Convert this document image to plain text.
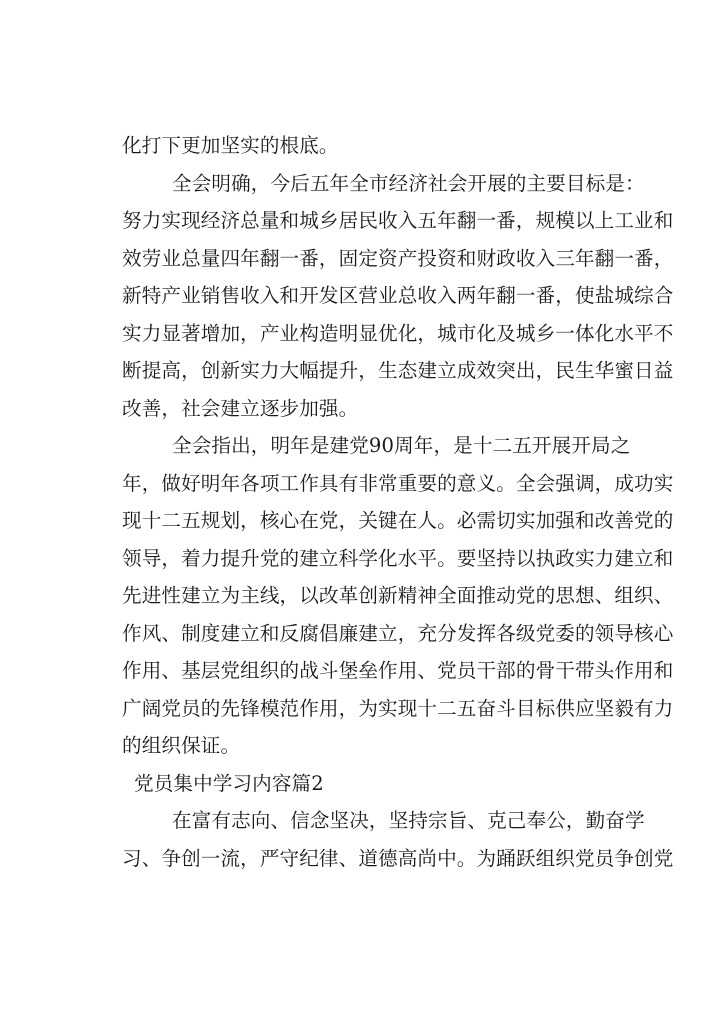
化打下更加坚实的根底。
全会明确，今后五年全市经济社会开展的主要目标是：
努力实现经济总量和城乡居民收入五年翻一番，规模以上工业和
效劳业总量四年翻一番，固定资产投资和财政收入三年翻一番，
新特产业销售收入和开发区营业总收入两年翻一番，使盐城综合
实力显著增加，产业构造明显优化，城市化及城乡一体化水平不
断提高，创新实力大幅提升，生态建立成效突出，民生华蜜日益
改善，社会建立逐步加强。
全会指出，明年是建党90周年，是十二五开展开局之
年，做好明年各项工作具有非常重要的意义。全会强调，成功实
现十二五规划，核心在党，关键在人。必需切实加强和改善党的
领导，着力提升党的建立科学化水平。要坚持以执政实力建立和
先进性建立为主线，以改革创新精神全面推动党的思想、组织、
作风、制度建立和反腐倡廉建立，充分发挥各级党委的领导核心
作用、基层党组织的战斗堡垒作用、党员干部的骨干带头作用和
广阔党员的先锋模范作用，为实现十二五奋斗目标供应坚毅有力
的组织保证。
党员集中学习内容篇2
在富有志向、信念坚决，坚持宗旨、克己奉公，勤奋学
习、争创一流，严守纪律、道德高尚中。为踊跃组织党员争创党
